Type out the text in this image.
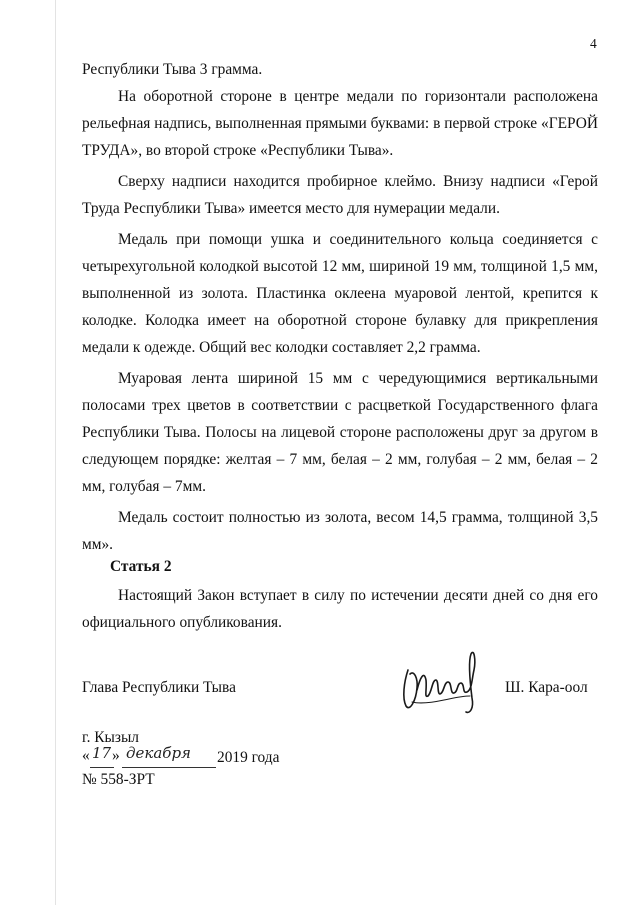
4

Республики Тыва 3 грамма.

На оборотной стороне в центре медали по горизонтали расположена рельефная надпись, выполненная прямыми буквами: в первой строке «ГЕРОЙ ТРУДА», во второй строке «Республики Тыва».

Сверху надписи находится пробирное клеймо. Внизу надписи «Герой Труда Республики Тыва» имеется место для нумерации медали.

Медаль при помощи ушка и соединительного кольца соединяется с четырехугольной колодкой высотой 12 мм, шириной 19 мм, толщиной 1,5 мм, выполненной из золота. Пластинка оклеена муаровой лентой, крепится к колодке. Колодка имеет на оборотной стороне булавку для прикрепления медали к одежде. Общий вес колодки составляет 2,2 грамма.

Муаровая лента шириной 15 мм с чередующимися вертикальными полосами трех цветов в соответствии с расцветкой Государственного флага Республики Тыва. Полосы на лицевой стороне расположены друг за другом в следующем порядке: желтая – 7 мм, белая – 2 мм, голубая – 2 мм, белая – 2 мм, голубая – 7мм.

Медаль состоит полностью из золота, весом 14,5 грамма, толщиной 3,5 мм».

Статья 2

Настоящий Закон вступает в силу по истечении десяти дней со дня его официального опубликования.

Глава Республики Тыва	Ш. Кара-оол
г. Кызыл
« 17 » декабря 2019 года
№ 558-ЗРТ
